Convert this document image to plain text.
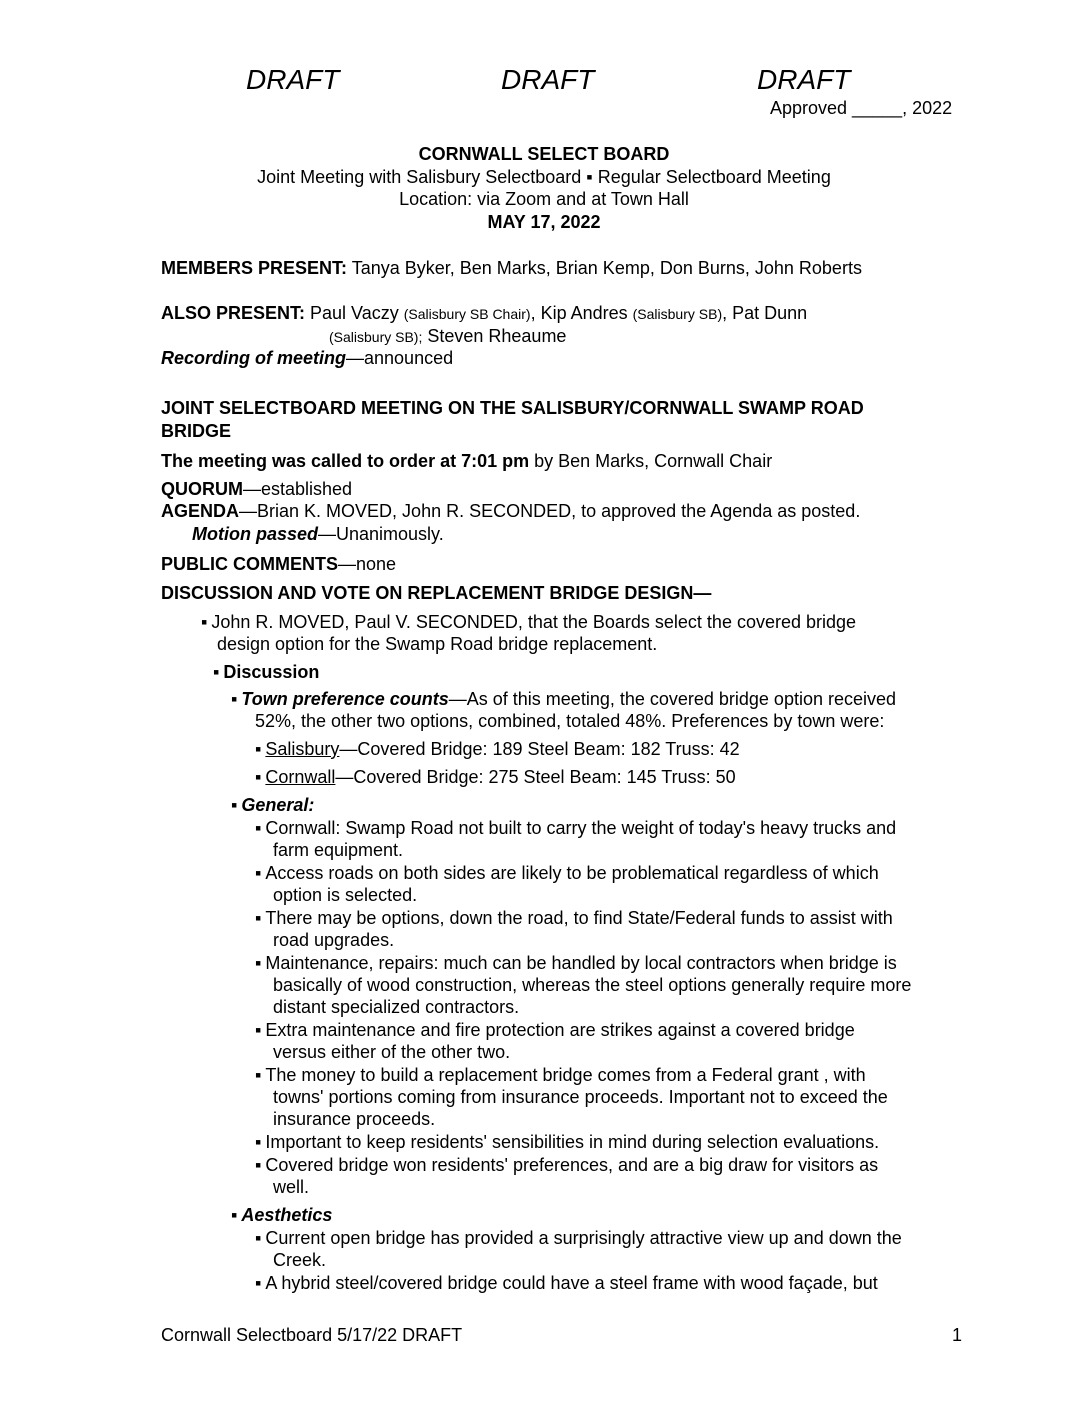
DRAFT	DRAFT	DRAFT
Approved _____, 2022
CORNWALL SELECT BOARD
Joint Meeting with Salisbury Selectboard ▪ Regular Selectboard Meeting
Location: via Zoom and at Town Hall
MAY 17, 2022
MEMBERS PRESENT: Tanya Byker, Ben Marks, Brian Kemp, Don Burns, John Roberts
ALSO PRESENT: Paul Vaczy (Salisbury SB Chair), Kip Andres (Salisbury SB), Pat Dunn
(Salisbury SB); Steven Rheaume
Recording of meeting—announced
JOINT SELECTBOARD MEETING ON THE SALISBURY/CORNWALL SWAMP ROAD
BRIDGE
The meeting was called to order at 7:01 pm by Ben Marks, Cornwall Chair
QUORUM—established
AGENDA—Brian K. MOVED, John R. SECONDED, to approved the Agenda as posted.
Motion passed—Unanimously.
PUBLIC COMMENTS—none
DISCUSSION AND VOTE ON REPLACEMENT BRIDGE DESIGN—
▪ John R. MOVED, Paul V. SECONDED, that the Boards select the covered bridge
design option for the Swamp Road bridge replacement.
▪ Discussion
▪ Town preference counts—As of this meeting, the covered bridge option received
52%, the other two options, combined, totaled 48%. Preferences by town were:
▪ Salisbury—Covered Bridge: 189 Steel Beam: 182 Truss: 42
▪ Cornwall—Covered Bridge: 275 Steel Beam: 145 Truss: 50
▪ General:
▪ Cornwall: Swamp Road not built to carry the weight of today's heavy trucks and
farm equipment.
▪ Access roads on both sides are likely to be problematical regardless of which
option is selected.
▪ There may be options, down the road, to find State/Federal funds to assist with
road upgrades.
▪ Maintenance, repairs: much can be handled by local contractors when bridge is
basically of wood construction, whereas the steel options generally require more
distant specialized contractors.
▪ Extra maintenance and fire protection are strikes against a covered bridge
versus either of the other two.
▪ The money to build a replacement bridge comes from a Federal grant , with
towns' portions coming from insurance proceeds. Important not to exceed the
insurance proceeds.
▪ Important to keep residents' sensibilities in mind during selection evaluations.
▪ Covered bridge won residents' preferences, and are a big draw for visitors as
well.
▪ Aesthetics
▪ Current open bridge has provided a surprisingly attractive view up and down the
Creek.
▪ A hybrid steel/covered bridge could have a steel frame with wood façade, but
Cornwall Selectboard 5/17/22 DRAFT	1
